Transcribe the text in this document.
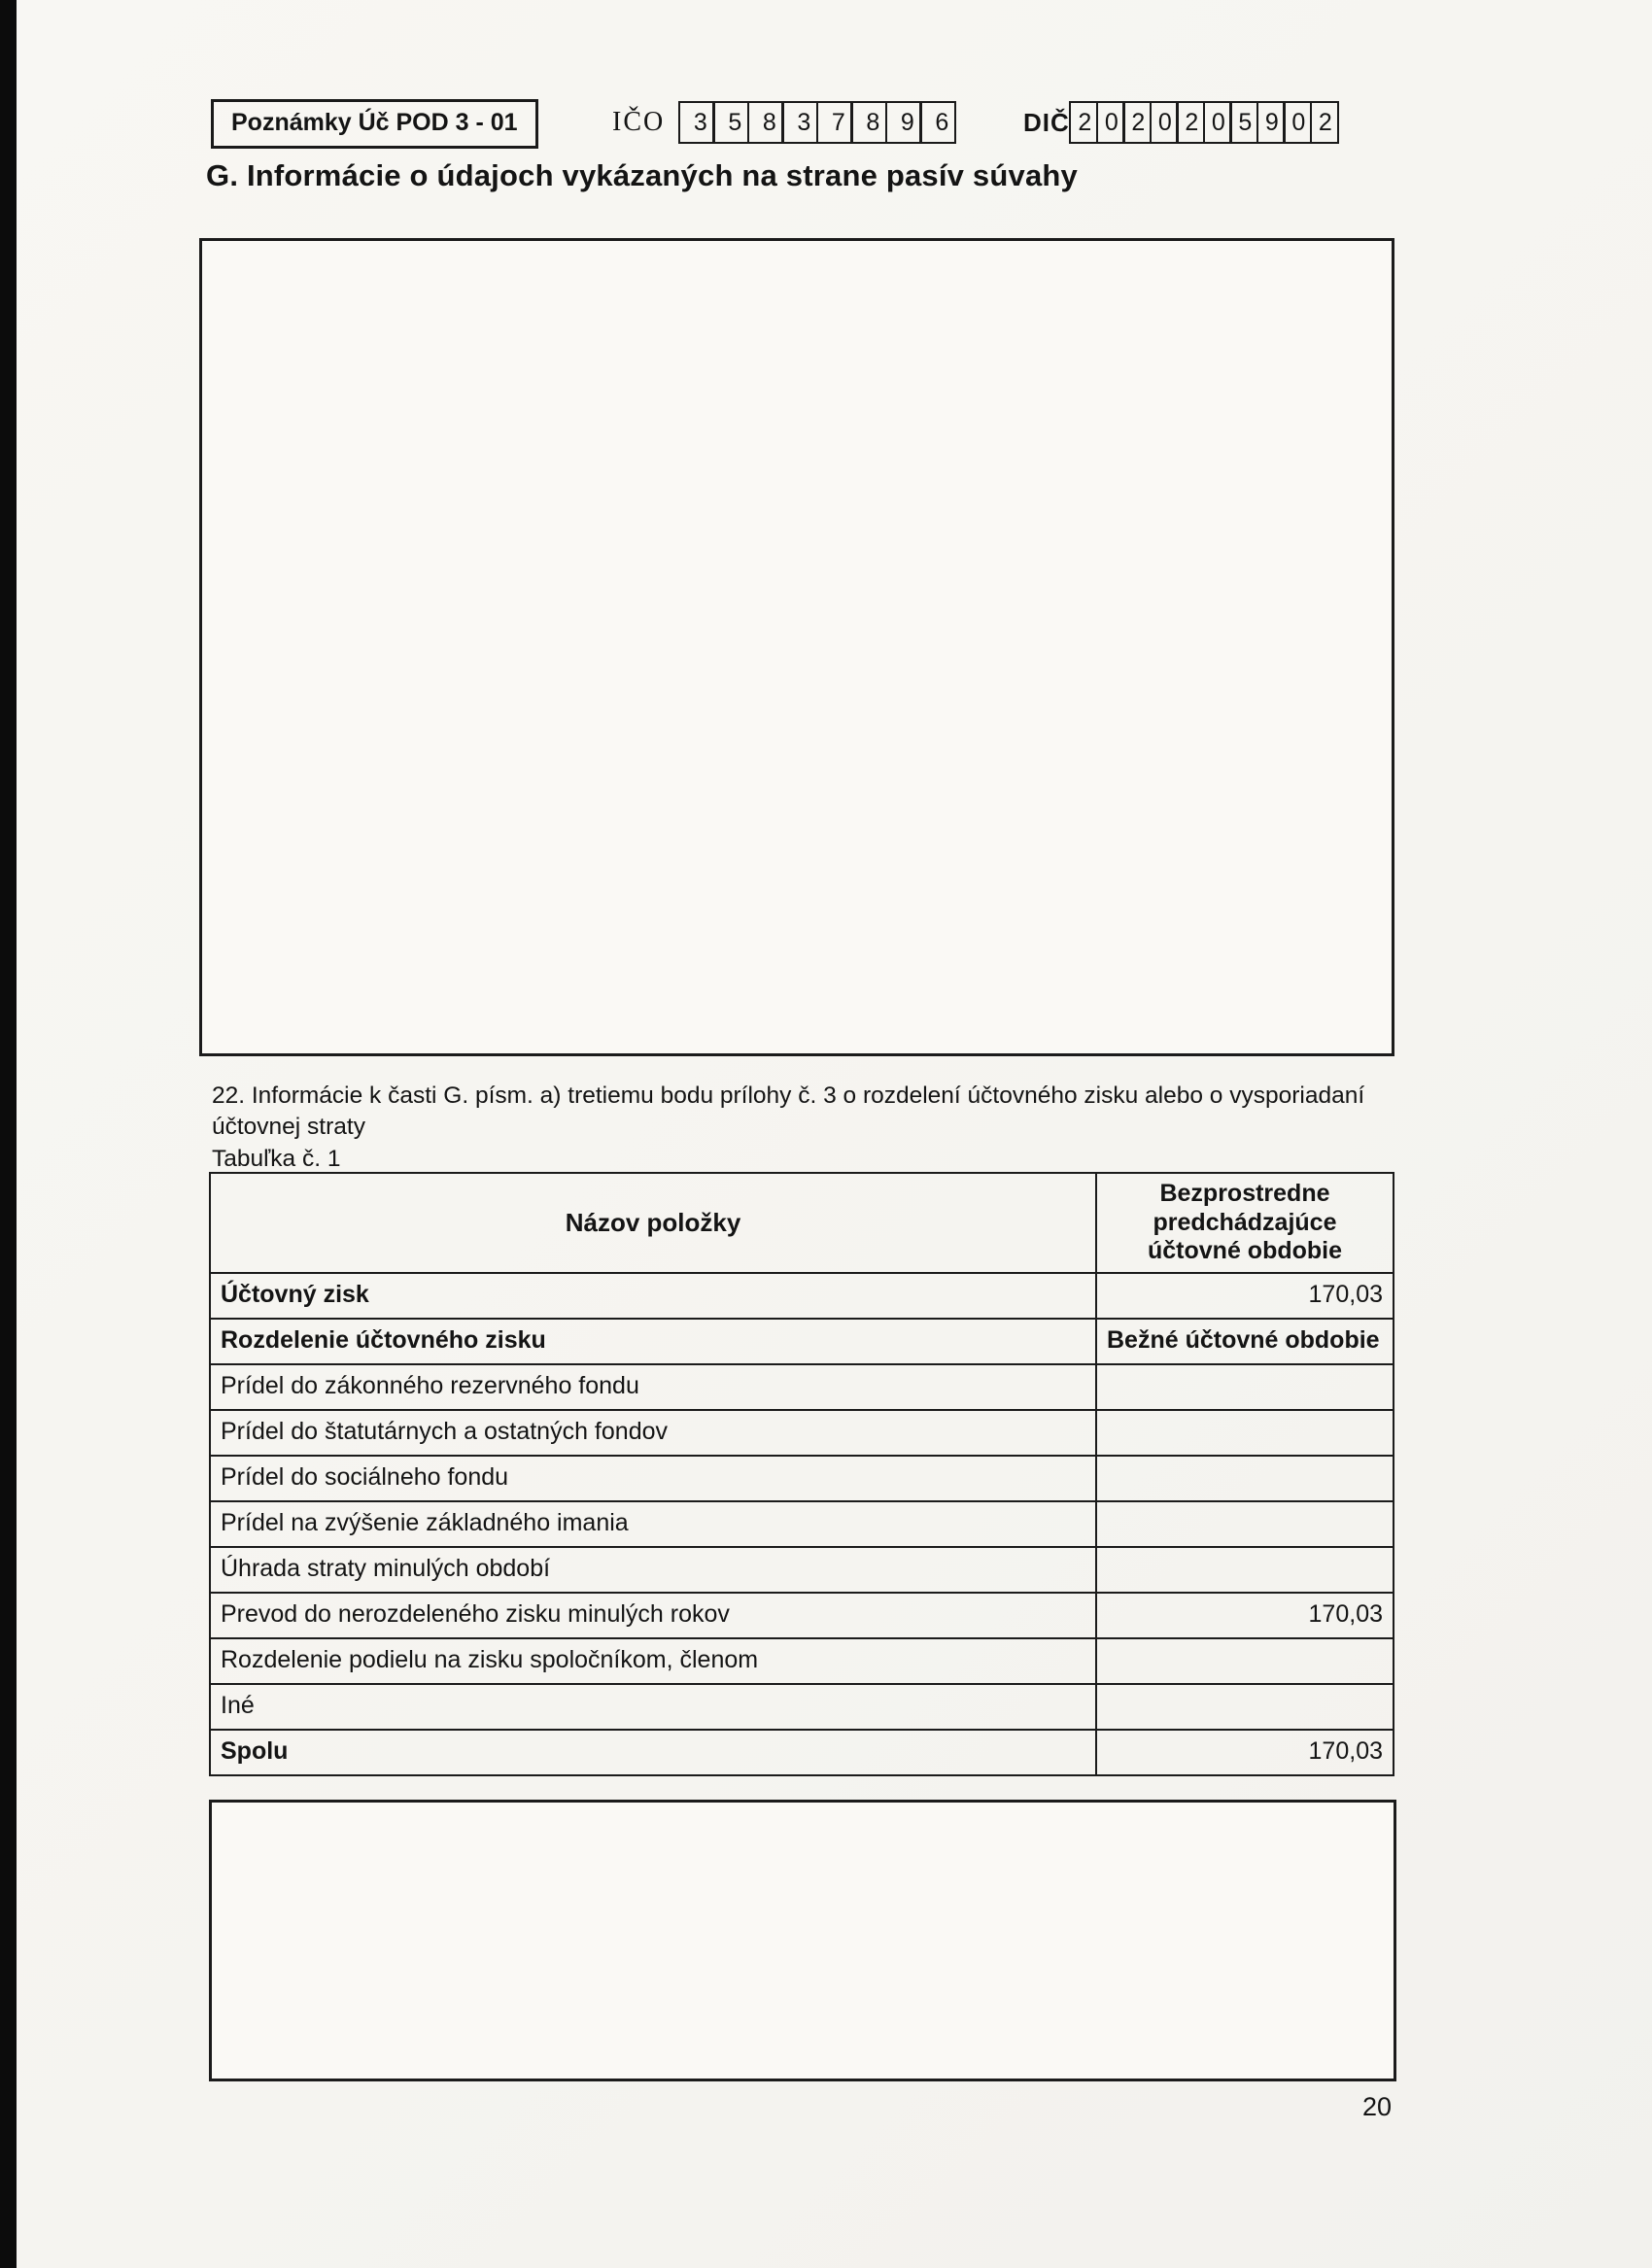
Poznámky Úč POD 3 - 01	IČO	3 5 8 3 7 8 9 6	DIČ 2 0 2 0 2 0 5 9 0 2
G. Informácie o údajoch vykázaných na strane pasív súvahy
22. Informácie k časti G. písm. a) tretiemu bodu prílohy č. 3 o rozdelení účtovného zisku alebo o vysporiadaní účtovnej straty
Tabuľka č. 1
Názov položky	Bezprostredne predchádzajúce účtovné obdobie
Účtovný zisk	170,03
Rozdelenie účtovného zisku	Bežné účtovné obdobie
Prídel do zákonného rezervného fondu	
Prídel do štatutárnych a ostatných fondov	
Prídel do sociálneho fondu	
Prídel na zvýšenie základného imania	
Úhrada straty minulých období	
Prevod do nerozdeleného zisku minulých rokov	170,03
Rozdelenie podielu na zisku spoločníkom, členom	
Iné	
Spolu	170,03
20
